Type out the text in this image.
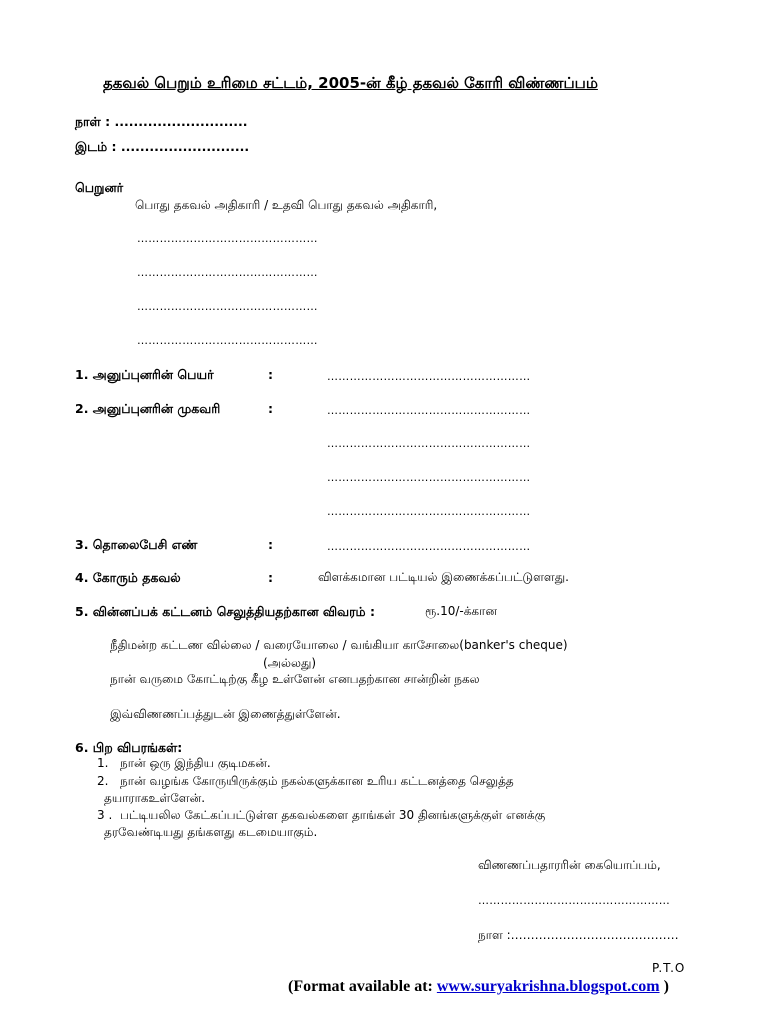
தகவல் பெறும் உரிமை சட்டம், 2005-ன் கீழ் தகவல் கோரி விண்ணப்பம்
நாள் : ............................
இடம் : ...........................
பெறுனர்
பொது தகவல் அதிகாரி / உதவி பொது தகவல் அதிகாரி,
…………………………………………
…………………………………………
…………………………………………
…………………………………………
1. அனுப்புனரின் பெயர்	:	………………………………………………
2. அனுப்புனரின் முகவரி	:	………………………………………………
………………………………………………
………………………………………………
………………………………………………
3. தொலைபேசி எண்	:	………………………………………………
4. கோரும் தகவல்	:	விளக்கமான பட்டியல் இணைக்கப்பட்டுளளது.
5. வின்னப்பக் கட்டனம் செலுத்தியதற்கான விவரம் :	ரூ.10/-க்கான
நீதிமன்ற கட்டண வில்லை / வரையோலை / வங்கியா காசோலை(banker's cheque)
(அல்லது)
நான் வருமை கோட்டிற்கு கீழ உள்ளேன் எனபதற்கான சான்றின் நகல
இவ்விணணப்பத்துடன் இணைத்துள்ளேன்.
6. பிற விபரங்கள்:
1. நான் ஒரு இந்திய குடிமகன்.
2. நான் வழங்க கோருயிருக்கும் நகல்களுக்கான உரிய கட்டனத்தை செலுத்த
தயாராகஉள்ளேன்.
3 . பட்டியலில கேட்கப்பட்டுள்ள தகவல்களை தாங்கள் 30 தினங்களுக்குள் எனக்கு
தரவேண்டியது தங்களது கடமையாகும்.
விணணப்பதாரரின் கையொப்பம்,
……………………………………………
நாள :……………………………………
P.T.O
(Format available at: www.suryakrishna.blogspot.com )
